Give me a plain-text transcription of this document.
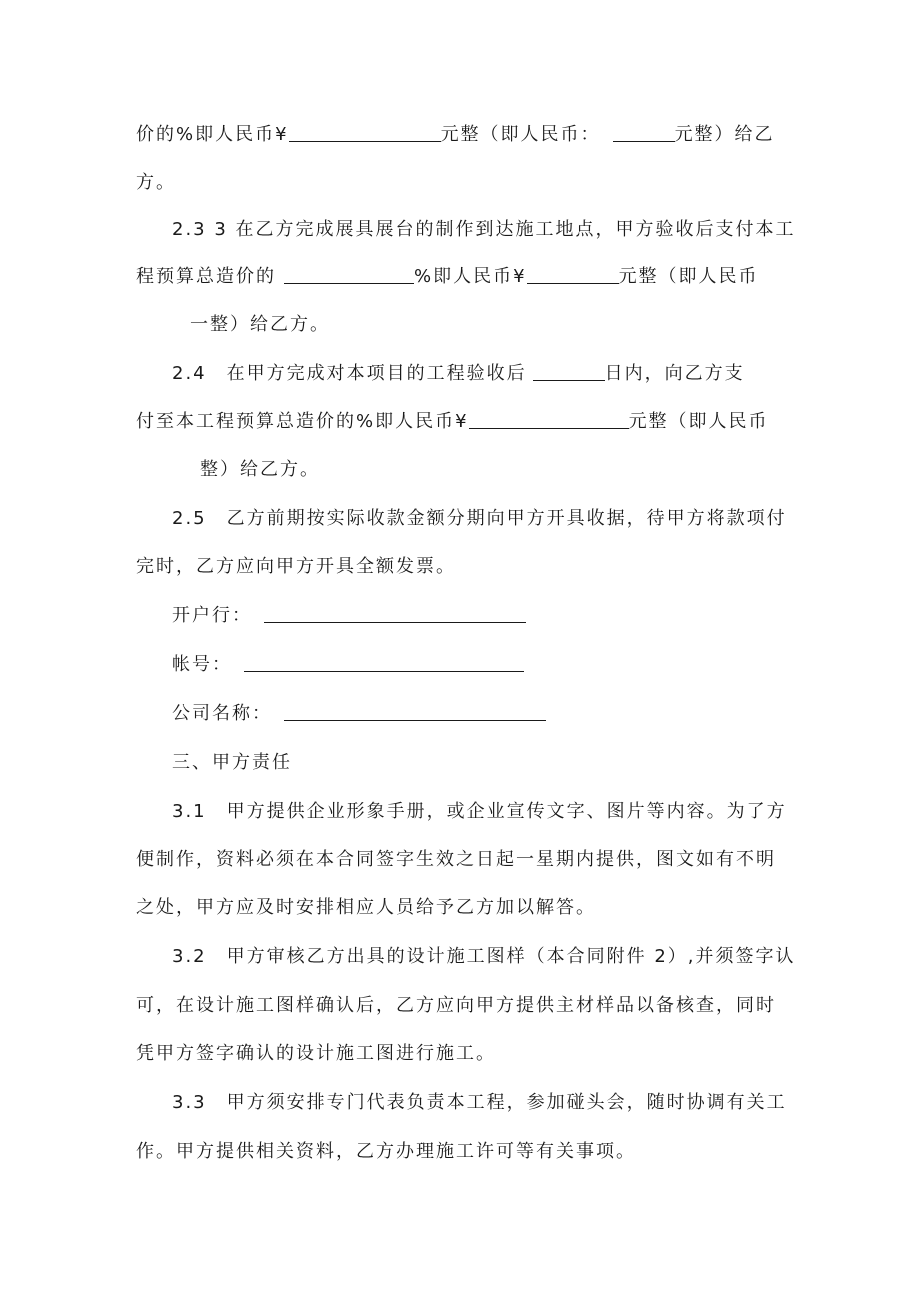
价的%即人民币¥	元整（即人民币：	元整）给乙
方。
2.3 3 在乙方完成展具展台的制作到达施工地点，甲方验收后支付本工
程预算总造价的	%即人民币¥	元整（即人民币
一整）给乙方。
2.4　在甲方完成对本项目的工程验收后	日内，向乙方支
付至本工程预算总造价的%即人民币¥	元整（即人民币
整）给乙方。
2.5　乙方前期按实际收款金额分期向甲方开具收据，待甲方将款项付
完时，乙方应向甲方开具全额发票。
开户行：
帐号：
公司名称：
三、甲方责任
3.1　甲方提供企业形象手册，或企业宣传文字、图片等内容。为了方
便制作，资料必须在本合同签字生效之日起一星期内提供，图文如有不明
之处，甲方应及时安排相应人员给予乙方加以解答。
3.2　甲方审核乙方出具的设计施工图样（本合同附件 2）,并须签字认
可，在设计施工图样确认后，乙方应向甲方提供主材样品以备核查，同时
凭甲方签字确认的设计施工图进行施工。
3.3　甲方须安排专门代表负责本工程，参加碰头会，随时协调有关工
作。甲方提供相关资料，乙方办理施工许可等有关事项。
